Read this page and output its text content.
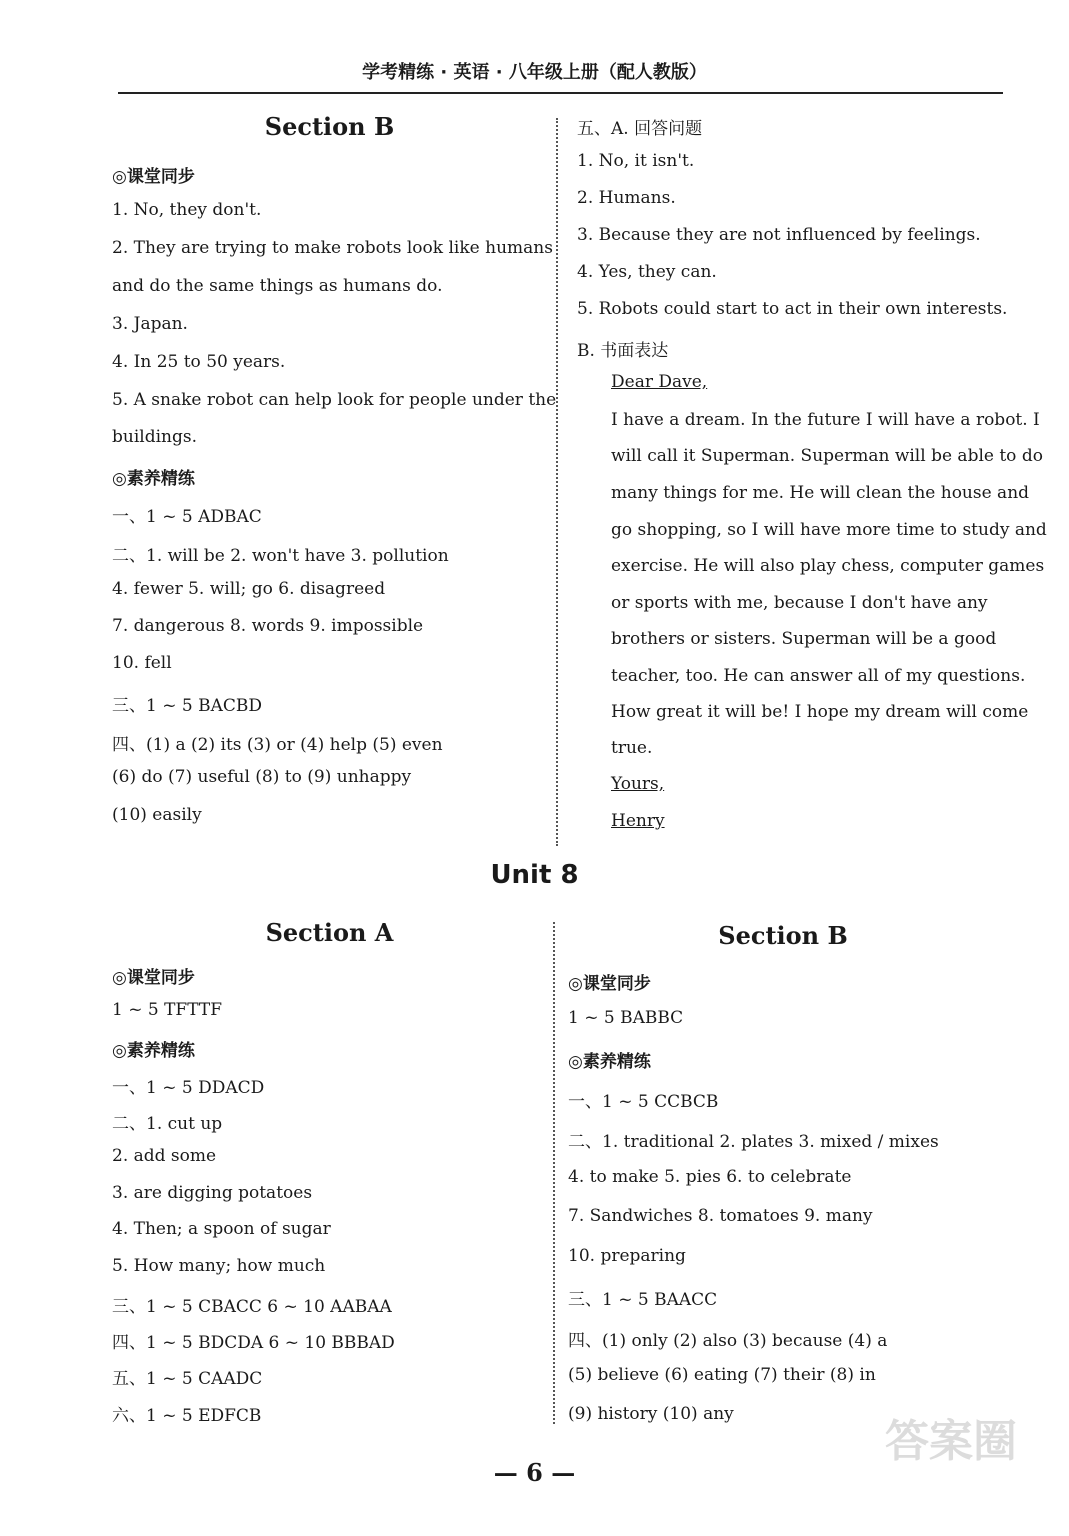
学考精练 · 英语 · 八年级上册（配人教版）
Section B
◎课堂同步
1. No, they don't.
2. They are trying to make robots look like humans
and do the same things as humans do.
3. Japan.
4. In 25 to 50 years.
5. A snake robot can help look for people under the
buildings.
◎素养精练
一、1 ~ 5 ADBAC
二、1. will be 2. won't have 3. pollution
4. fewer 5. will; go 6. disagreed
7. dangerous 8. words 9. impossible
10. fell
三、1 ~ 5 BACBD
四、(1) a (2) its (3) or (4) help (5) even
(6) do (7) useful (8) to (9) unhappy
(10) easily
五、A. 回答问题
1. No, it isn't.
2. Humans.
3. Because they are not influenced by feelings.
4. Yes, they can.
5. Robots could start to act in their own interests.
B. 书面表达
Dear Dave,
I have a dream. In the future I will have a robot. I
will call it Superman. Superman will be able to do
many things for me. He will clean the house and
go shopping, so I will have more time to study and
exercise. He will also play chess, computer games
or sports with me, because I don't have any
brothers or sisters. Superman will be a good
teacher, too. He can answer all of my questions.
How great it will be! I hope my dream will come
true.
Yours,
Henry
Unit 8
Section A
◎课堂同步
1 ~ 5 TFTTF
◎素养精练
一、1 ~ 5 DDACD
二、1. cut up
2. add some
3. are digging potatoes
4. Then; a spoon of sugar
5. How many; how much
三、1 ~ 5 CBACC 6 ~ 10 AABAA
四、1 ~ 5 BDCDA 6 ~ 10 BBBAD
五、1 ~ 5 CAADC
六、1 ~ 5 EDFCB
Section B
◎课堂同步
1 ~ 5 BABBC
◎素养精练
一、1 ~ 5 CCBCB
二、1. traditional 2. plates 3. mixed / mixes
4. to make 5. pies 6. to celebrate
7. Sandwiches 8. tomatoes 9. many
10. preparing
三、1 ~ 5 BAACC
四、(1) only (2) also (3) because (4) a
(5) believe (6) eating (7) their (8) in
(9) history (10) any
— 6 —
答案圈
